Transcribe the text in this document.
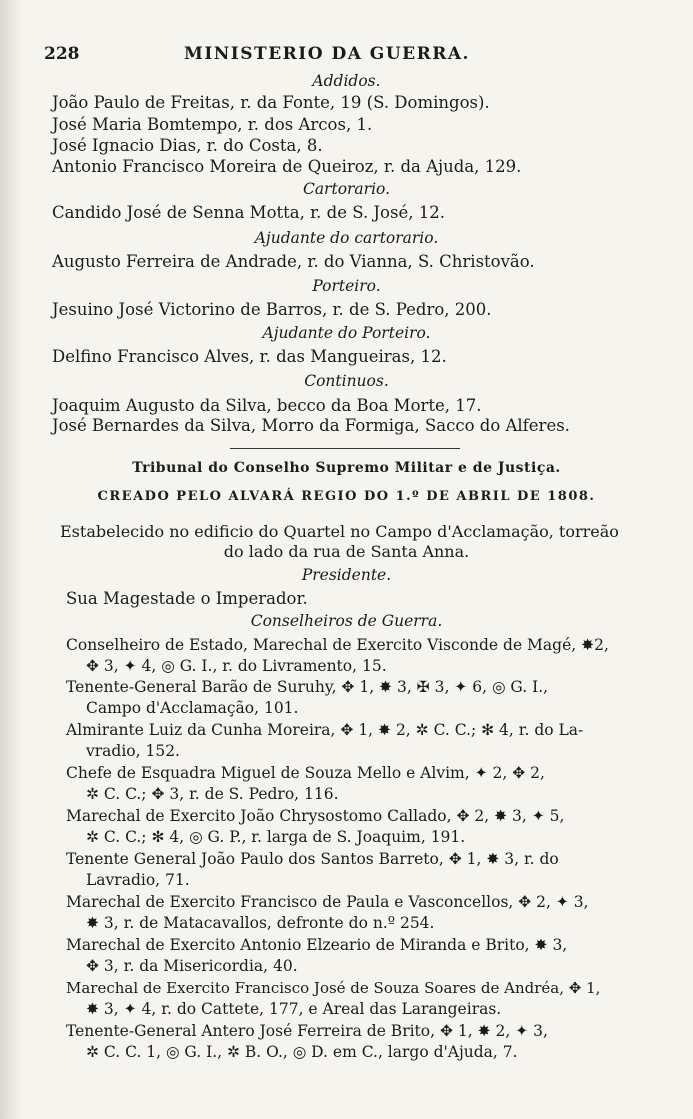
228	MINISTERIO DA GUERRA.
Addidos.
João Paulo de Freitas, r. da Fonte, 19 (S. Domingos).
José Maria Bomtempo, r. dos Arcos, 1.
José Ignacio Dias, r. do Costa, 8.
Antonio Francisco Moreira de Queiroz, r. da Ajuda, 129.
Cartorario.
Candido José de Senna Motta, r. de S. José, 12.
Ajudante do cartorario.
Augusto Ferreira de Andrade, r. do Vianna, S. Christovão.
Porteiro.
Jesuino José Victorino de Barros, r. de S. Pedro, 200.
Ajudante do Porteiro.
Delfino Francisco Alves, r. das Mangueiras, 12.
Continuos.
Joaquim Augusto da Silva, becco da Boa Morte, 17.
José Bernardes da Silva, Morro da Formiga, Sacco do Alferes.
Tribunal do Conselho Supremo Militar e de Justiça.
CREADO PELO ALVARÁ REGIO DO 1.º DE ABRIL DE 1808.
Estabelecido no edificio do Quartel no Campo d'Acclamação, torreão
do lado da rua de Santa Anna.
Presidente.
Sua Magestade o Imperador.
Conselheiros de Guerra.
Conselheiro de Estado, Marechal de Exercito Visconde de Magé, ✸2,
✥ 3, ✦ 4, ◎ G. I., r. do Livramento, 15.
Tenente-General Barão de Suruhy, ✥ 1, ✸ 3, ✠ 3, ✦ 6, ◎ G. I.,
Campo d'Acclamação, 101.
Almirante Luiz da Cunha Moreira, ✥ 1, ✸ 2, ✲ C. C.; ✻ 4, r. do La-
vradio, 152.
Chefe de Esquadra Miguel de Souza Mello e Alvim, ✦ 2, ✥ 2,
✲ C. C.; ✥ 3, r. de S. Pedro, 116.
Marechal de Exercito João Chrysostomo Callado, ✥ 2, ✸ 3, ✦ 5,
✲ C. C.; ✻ 4, ◎ G. P., r. larga de S. Joaquim, 191.
Tenente General João Paulo dos Santos Barreto, ✥ 1, ✸ 3, r. do
Lavradio, 71.
Marechal de Exercito Francisco de Paula e Vasconcellos, ✥ 2, ✦ 3,
✸ 3, r. de Matacavallos, defronte do n.º 254.
Marechal de Exercito Antonio Elzeario de Miranda e Brito, ✸ 3,
✥ 3, r. da Misericordia, 40.
Marechal de Exercito Francisco José de Souza Soares de Andréa, ✥ 1,
✸ 3, ✦ 4, r. do Cattete, 177, e Areal das Larangeiras.
Tenente-General Antero José Ferreira de Brito, ✥ 1, ✸ 2, ✦ 3,
✲ C. C. 1, ◎ G. I., ✲ B. O., ◎ D. em C., largo d'Ajuda, 7.
